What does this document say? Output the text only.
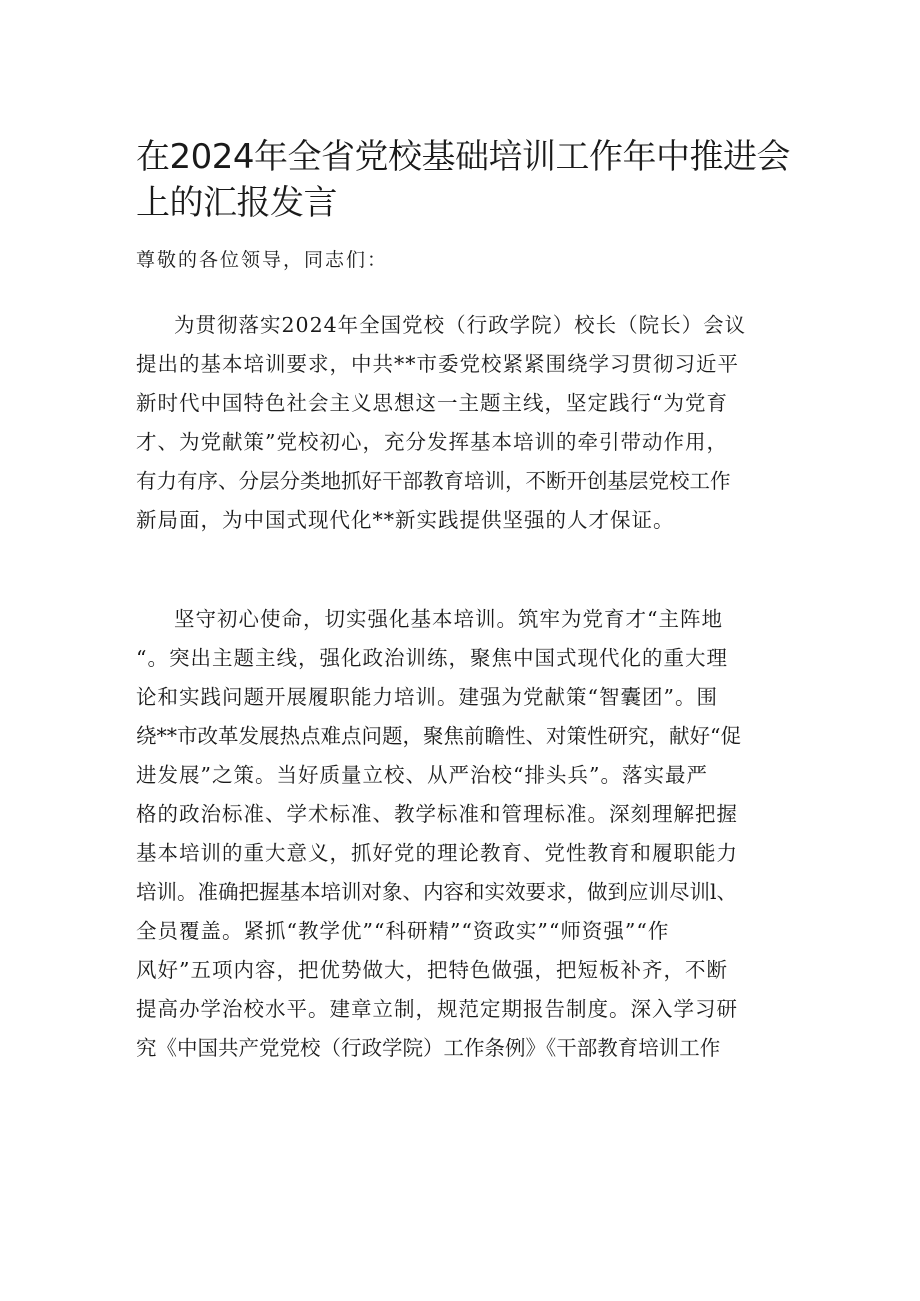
在2024年全省党校基础培训工作年中推进会
上的汇报发言

尊敬的各位领导，同志们：

为贯彻落实2024年全国党校（行政学院）校长（院长）会议
提出的基本培训要求，中共**市委党校紧紧围绕学习贯彻习近平
新时代中国特色社会主义思想这一主题主线，坚定践行“为党育
才、为党献策”党校初心，充分发挥基本培训的牵引带动作用，
有力有序、分层分类地抓好干部教育培训，不断开创基层党校工作
新局面，为中国式现代化**新实践提供坚强的人才保证。
坚守初心使命，切实强化基本培训。筑牢为党育才“主阵地
“。突出主题主线，强化政治训练，聚焦中国式现代化的重大理
论和实践问题开展履职能力培训。建强为党献策“智囊团”。围
绕**市改革发展热点难点问题，聚焦前瞻性、对策性研究，献好“促
进发展”之策。当好质量立校、从严治校“排头兵”。落实最严
格的政治标准、学术标准、教学标准和管理标准。深刻理解把握
基本培训的重大意义，抓好党的理论教育、党性教育和履职能力
培训。准确把握基本培训对象、内容和实效要求，做到应训尽训l、
全员覆盖。紧抓“教学优”“科研精”“资政实”“师资强”“作
风好”五项内容，把优势做大，把特色做强，把短板补齐，不断
提高办学治校水平。建章立制，规范定期报告制度。深入学习研
究《中国共产党党校（行政学院）工作条例》《干部教育培训工作
